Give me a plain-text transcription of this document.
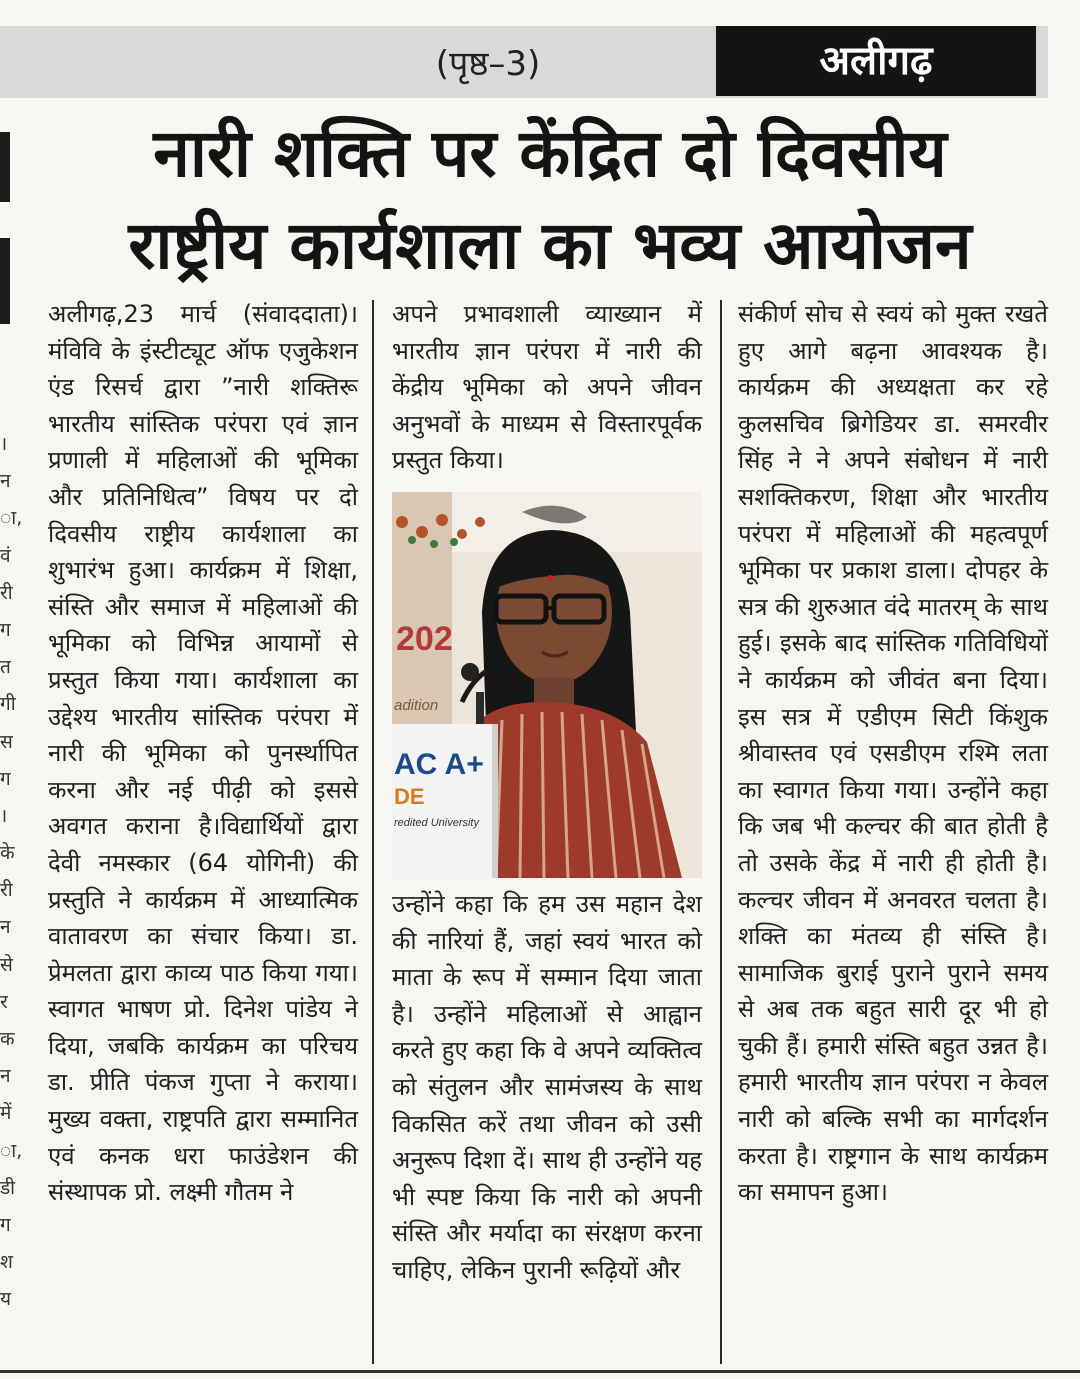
(पृष्ठ–3)	अलीगढ़
नारी शक्ति पर केंद्रित दो दिवसीय
राष्ट्रीय कार्यशाला का भव्य आयोजन
।
न
ा,
वं
री
ग
त
गी
स
ग
।
के
री
न
से
र
क
न
में
ा,
डी
ग
श
य

अलीगढ़,23 मार्च (संवाददाता)। मंविवि के इंस्टीट्यूट ऑफ एजुकेशन एंड रिसर्च द्वारा ”नारी शक्तिरू भारतीय सांस्तिक परंपरा एवं ज्ञान प्रणाली में महिलाओं की भूमिका और प्रतिनिधित्व” विषय पर दो दिवसीय राष्ट्रीय कार्यशाला का शुभारंभ हुआ। कार्यक्रम में शिक्षा, संस्ति और समाज में महिलाओं की भूमिका को विभिन्न आयामों से प्रस्तुत किया गया। कार्यशाला का उद्देश्य भारतीय सांस्तिक परंपरा में नारी की भूमिका को पुनर्स्थापित करना और नई पीढ़ी को इससे अवगत कराना है।विद्यार्थियों द्वारा देवी नमस्कार (64 योगिनी) की प्रस्तुति ने कार्यक्रम में आध्यात्मिक वातावरण का संचार किया। डा. प्रेमलता द्वारा काव्य पाठ किया गया। स्वागत भाषण प्रो. दिनेश पांडेय ने दिया, जबकि कार्यक्रम का परिचय डा. प्रीति पंकज गुप्ता ने कराया। मुख्य वक्ता, राष्ट्रपति द्वारा सम्मानित एवं कनक धरा फाउंडेशन की संस्थापक प्रो. लक्ष्मी गौतम ने

अपने प्रभावशाली व्याख्यान में भारतीय ज्ञान परंपरा में नारी की केंद्रीय भूमिका को अपने जीवन अनुभवों के माध्यम से विस्तारपूर्वक प्रस्तुत किया।

202
adition
AC A+
DE
redited University

उन्होंने कहा कि हम उस महान देश की नारियां हैं, जहां स्वयं भारत को माता के रूप में सम्मान दिया जाता है। उन्होंने महिलाओं से आह्वान करते हुए कहा कि वे अपने व्यक्तित्व को संतुलन और सामंजस्य के साथ विकसित करें तथा जीवन को उसी अनुरूप दिशा दें। साथ ही उन्होंने यह भी स्पष्ट किया कि नारी को अपनी संस्ति और मर्यादा का संरक्षण करना चाहिए, लेकिन पुरानी रूढ़ियों और

संकीर्ण सोच से स्वयं को मुक्त रखते हुए आगे बढ़ना आवश्यक है। कार्यक्रम की अध्यक्षता कर रहे कुलसचिव ब्रिगेडियर डा. समरवीर सिंह ने ने अपने संबोधन में नारी सशक्तिकरण, शिक्षा और भारतीय परंपरा में महिलाओं की महत्वपूर्ण भूमिका पर प्रकाश डाला। दोपहर के सत्र की शुरुआत वंदे मातरम् के साथ हुई। इसके बाद सांस्तिक गतिविधियों ने कार्यक्रम को जीवंत बना दिया। इस सत्र में एडीएम सिटी किंशुक श्रीवास्तव एवं एसडीएम रश्मि लता का स्वागत किया गया। उन्होंने कहा कि जब भी कल्चर की बात होती है तो उसके केंद्र में नारी ही होती है। कल्चर जीवन में अनवरत चलता है। शक्ति का मंतव्य ही संस्ति है। सामाजिक बुराई पुराने पुराने समय से अब तक बहुत सारी दूर भी हो चुकी हैं। हमारी संस्ति बहुत उन्नत है। हमारी भारतीय ज्ञान परंपरा न केवल नारी को बल्कि सभी का मार्गदर्शन करता है। राष्ट्रगान के साथ कार्यक्रम का समापन हुआ।
